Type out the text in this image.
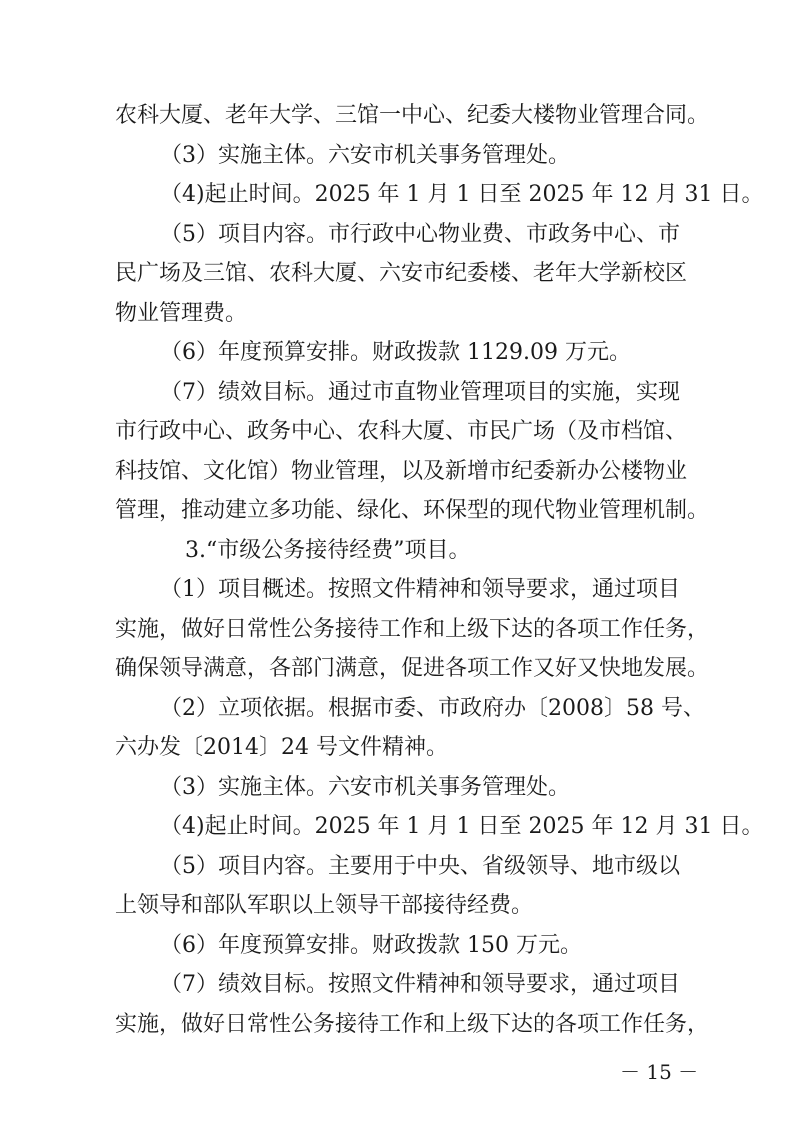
农科大厦、老年大学、三馆一中心、纪委大楼物业管理合同。
（3）实施主体。六安市机关事务管理处。
（4)起止时间。2025 年 1 月 1 日至 2025 年 12 月 31 日。
（5）项目内容。市行政中心物业费、市政务中心、市
民广场及三馆、农科大厦、六安市纪委楼、老年大学新校区
物业管理费。
（6）年度预算安排。财政拨款 1129.09 万元。
（7）绩效目标。通过市直物业管理项目的实施，实现
市行政中心、政务中心、农科大厦、市民广场（及市档馆、
科技馆、文化馆）物业管理，以及新增市纪委新办公楼物业
管理，推动建立多功能、绿化、环保型的现代物业管理机制。
3.“市级公务接待经费”项目。
（1）项目概述。按照文件精神和领导要求，通过项目
实施，做好日常性公务接待工作和上级下达的各项工作任务，
确保领导满意，各部门满意，促进各项工作又好又快地发展。
（2）立项依据。根据市委、市政府办〔2008〕58 号、
六办发〔2014〕24 号文件精神。
（3）实施主体。六安市机关事务管理处。
（4)起止时间。2025 年 1 月 1 日至 2025 年 12 月 31 日。
（5）项目内容。主要用于中央、省级领导、地市级以
上领导和部队军职以上领导干部接待经费。
（6）年度预算安排。财政拨款 150 万元。
（7）绩效目标。按照文件精神和领导要求，通过项目
实施，做好日常性公务接待工作和上级下达的各项工作任务，
－ 15 －
